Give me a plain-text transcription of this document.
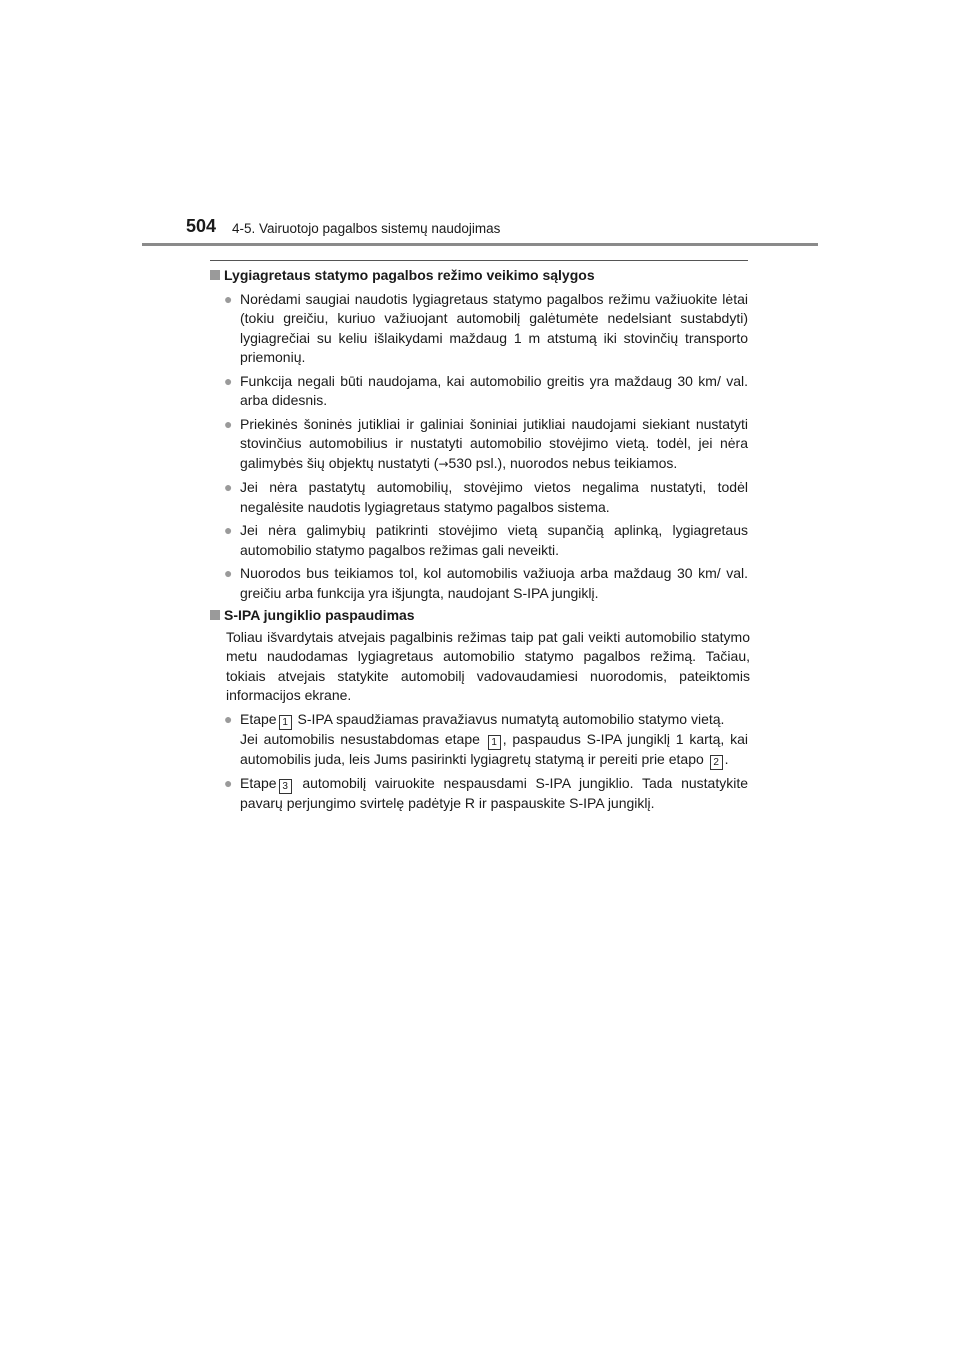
504 4-5. Vairuotojo pagalbos sistemų naudojimas
Lygiagretaus statymo pagalbos režimo veikimo sąlygos
● Norėdami saugiai naudotis lygiagretaus statymo pagalbos režimu važiuokite lėtai (tokiu greičiu, kuriuo važiuojant automobilį galėtumėte nedelsiant sustabdyti) lygiagrečiai su keliu išlaikydami maždaug 1 m atstumą iki stovinčių transporto priemonių.
● Funkcija negali būti naudojama, kai automobilio greitis yra maždaug 30 km/ val. arba didesnis.
● Priekinės šoninės jutikliai ir galiniai šoniniai jutikliai naudojami siekiant nustatyti stovinčius automobilius ir nustatyti automobilio stovėjimo vietą. todėl, jei nėra galimybės šių objektų nustatyti (→530 psl.), nuorodos nebus teikiamos.
● Jei nėra pastatytų automobilių, stovėjimo vietos negalima nustatyti, todėl negalėsite naudotis lygiagretaus statymo pagalbos sistema.
● Jei nėra galimybių patikrinti stovėjimo vietą supančią aplinką, lygiagretaus automobilio statymo pagalbos režimas gali neveikti.
● Nuorodos bus teikiamos tol, kol automobilis važiuoja arba maždaug 30 km/ val. greičiu arba funkcija yra išjungta, naudojant S-IPA jungiklį.
S-IPA jungiklio paspaudimas
Toliau išvardytais atvejais pagalbinis režimas taip pat gali veikti automobilio statymo metu naudodamas lygiagretaus automobilio statymo pagalbos režimą. Tačiau, tokiais atvejais statykite automobilį vadovaudamiesi nuorodomis, pateiktomis informacijos ekrane.
● Etape 1 S-IPA spaudžiamas pravažiavus numatytą automobilio statymo vietą.
Jei automobilis nesustabdomas etape 1 , paspaudus S-IPA jungiklį 1 kartą, kai automobilis juda, leis Jums pasirinkti lygiagretų statymą ir pereiti prie etapo 2 .
● Etape 3 automobilį vairuokite nespausdami S-IPA jungiklio. Tada nustatykite pavarų perjungimo svirtelę padėtyje R ir paspauskite S-IPA jungiklį.
